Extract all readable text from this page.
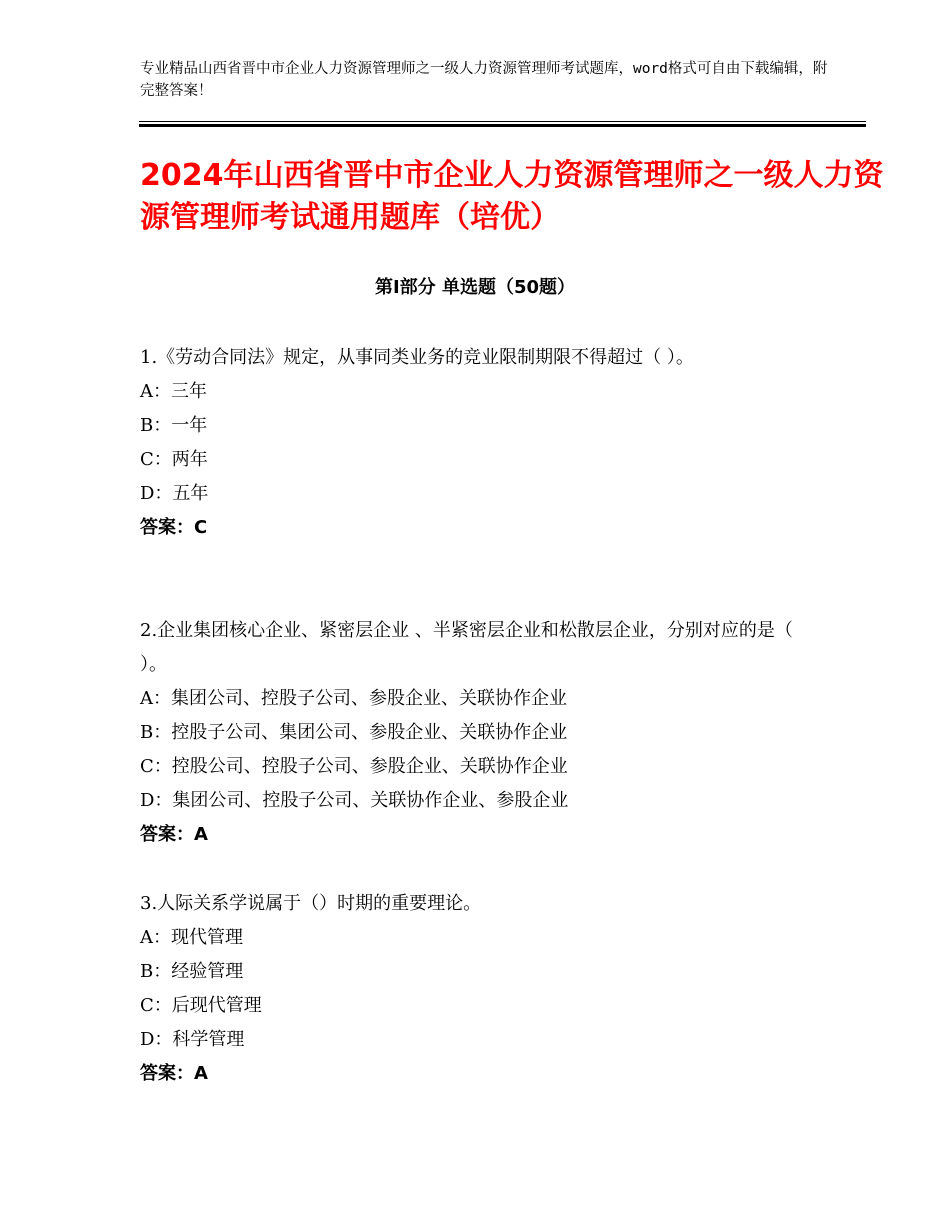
专业精品山西省晋中市企业人力资源管理师之一级人力资源管理师考试题库，word格式可自由下载编辑，附完整答案！
2024年山西省晋中市企业人力资源管理师之一级人力资源管理师考试通用题库（培优）
第Ⅰ部分 单选题（50题）
1.《劳动合同法》规定，从事同类业务的竞业限制期限不得超过（ ）。
A：三年
B：一年
C：两年
D：五年
答案：C
2.企业集团核心企业、紧密层企业 、半紧密层企业和松散层企业，分别对应的是（ ）。
A：集团公司、控股子公司、参股企业、关联协作企业
B：控股子公司、集团公司、参股企业、关联协作企业
C：控股公司、控股子公司、参股企业、关联协作企业
D：集团公司、控股子公司、关联协作企业、参股企业
答案：A
3.人际关系学说属于（）时期的重要理论。
A：现代管理
B：经验管理
C：后现代管理
D：科学管理
答案：A
